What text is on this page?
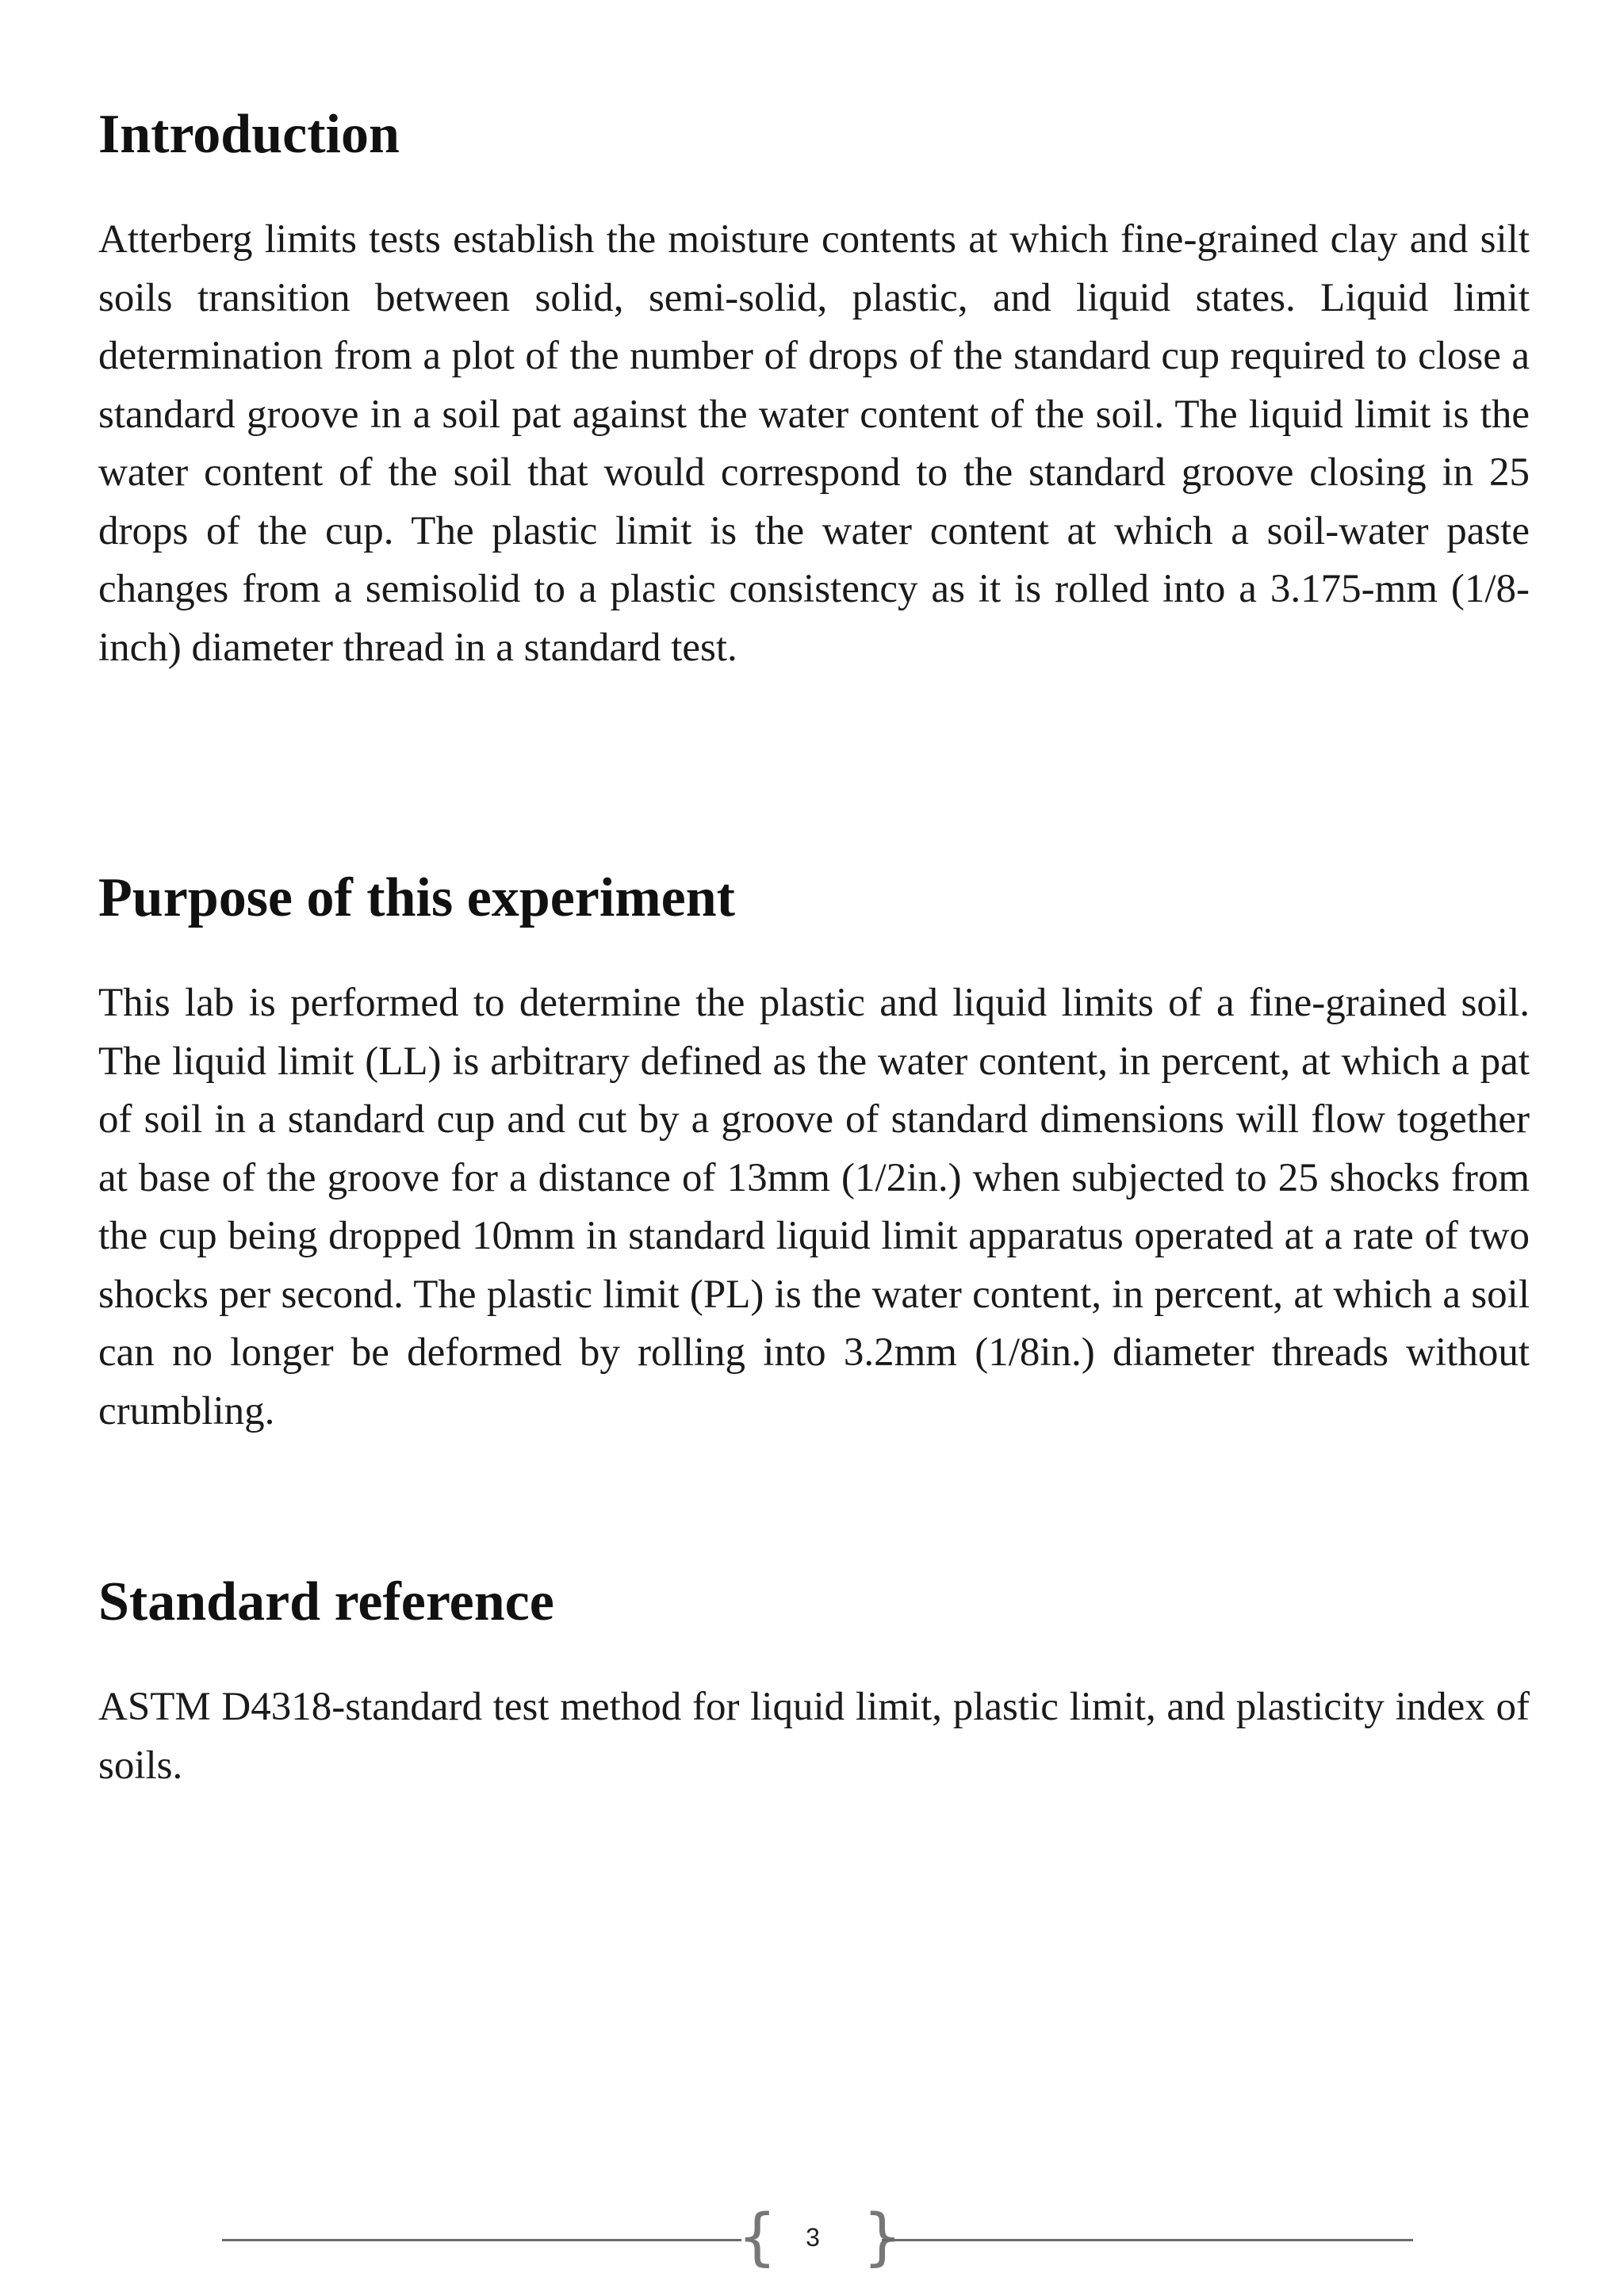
Introduction

Atterberg limits tests establish the moisture contents at which fine-grained clay and silt soils transition between solid, semi-solid, plastic, and liquid states. Liquid limit determination from a plot of the number of drops of the standard cup required to close a standard groove in a soil pat against the water content of the soil. The liquid limit is the water content of the soil that would correspond to the standard groove closing in 25 drops of the cup. The plastic limit is the water content at which a soil-water paste changes from a semisolid to a plastic consistency as it is rolled into a 3.175-mm (1/8-inch) diameter thread in a standard test.

Purpose of this experiment

This lab is performed to determine the plastic and liquid limits of a fine-grained soil. The liquid limit (LL) is arbitrary defined as the water content, in percent, at which a pat of soil in a standard cup and cut by a groove of standard dimensions will flow together at base of the groove for a distance of 13mm (1/2in.) when subjected to 25 shocks from the cup being dropped 10mm in standard liquid limit apparatus operated at a rate of two shocks per second. The plastic limit (PL) is the water content, in percent, at which a soil can no longer be deformed by rolling into 3.2mm (1/8in.) diameter threads without crumbling.

Standard reference

ASTM D4318-standard test method for liquid limit, plastic limit, and plasticity index of soils.

{	3 }
